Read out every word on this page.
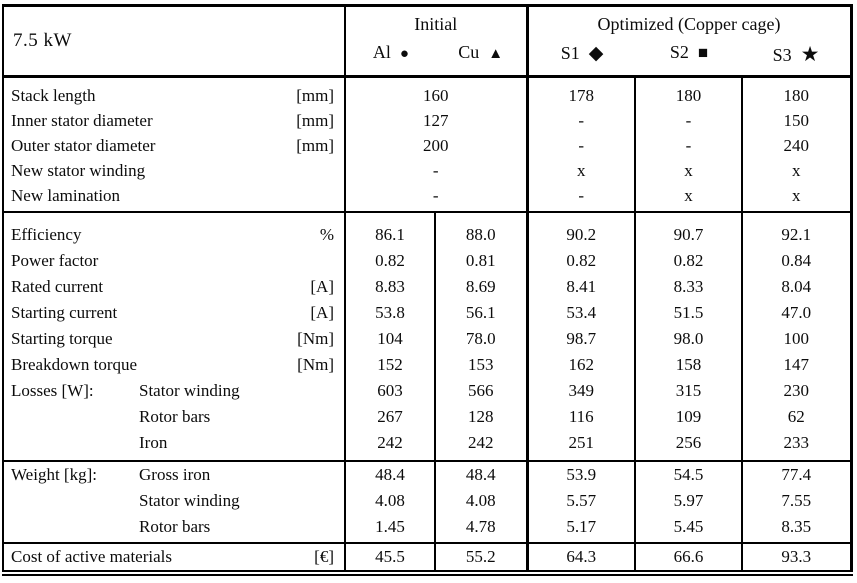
7.5 kW	
Initial
Al ●	Cu ▲

Optimized (Copper cage)
S1 ◆	S2 ■	S3 ★

Stack length [mm]	160		178	180	180

Inner stator diameter [mm]	127		-	-	150

Outer stator diameter [mm]	200		-	-	240

New stator winding	-		x	x	x

New lamination	-		-	x	x

Efficiency %	86.1	88.0	90.2	90.7	92.1

Power factor	0.82	0.81	0.82	0.82	0.84

Rated current [A]	8.83	8.69	8.41	8.33	8.04

Starting current [A]	53.8	56.1	53.4	51.5	47.0

Starting torque [Nm]	104	78.0	98.7	98.0	100

Breakdown torque [Nm]	152	153	162	158	147

Losses [W]: Stator winding	603	566	349	315	230

Rotor bars	267	128	116	109	62

Iron	242	242	251	256	233

Weight [kg]: Gross iron	48.4	48.4	53.9	54.5	77.4

Stator winding	4.08	4.08	5.57	5.97	7.55

Rotor bars	1.45	4.78	5.17	5.45	8.35

Cost of active materials [€]	45.5	55.2	64.3	66.6	93.3
